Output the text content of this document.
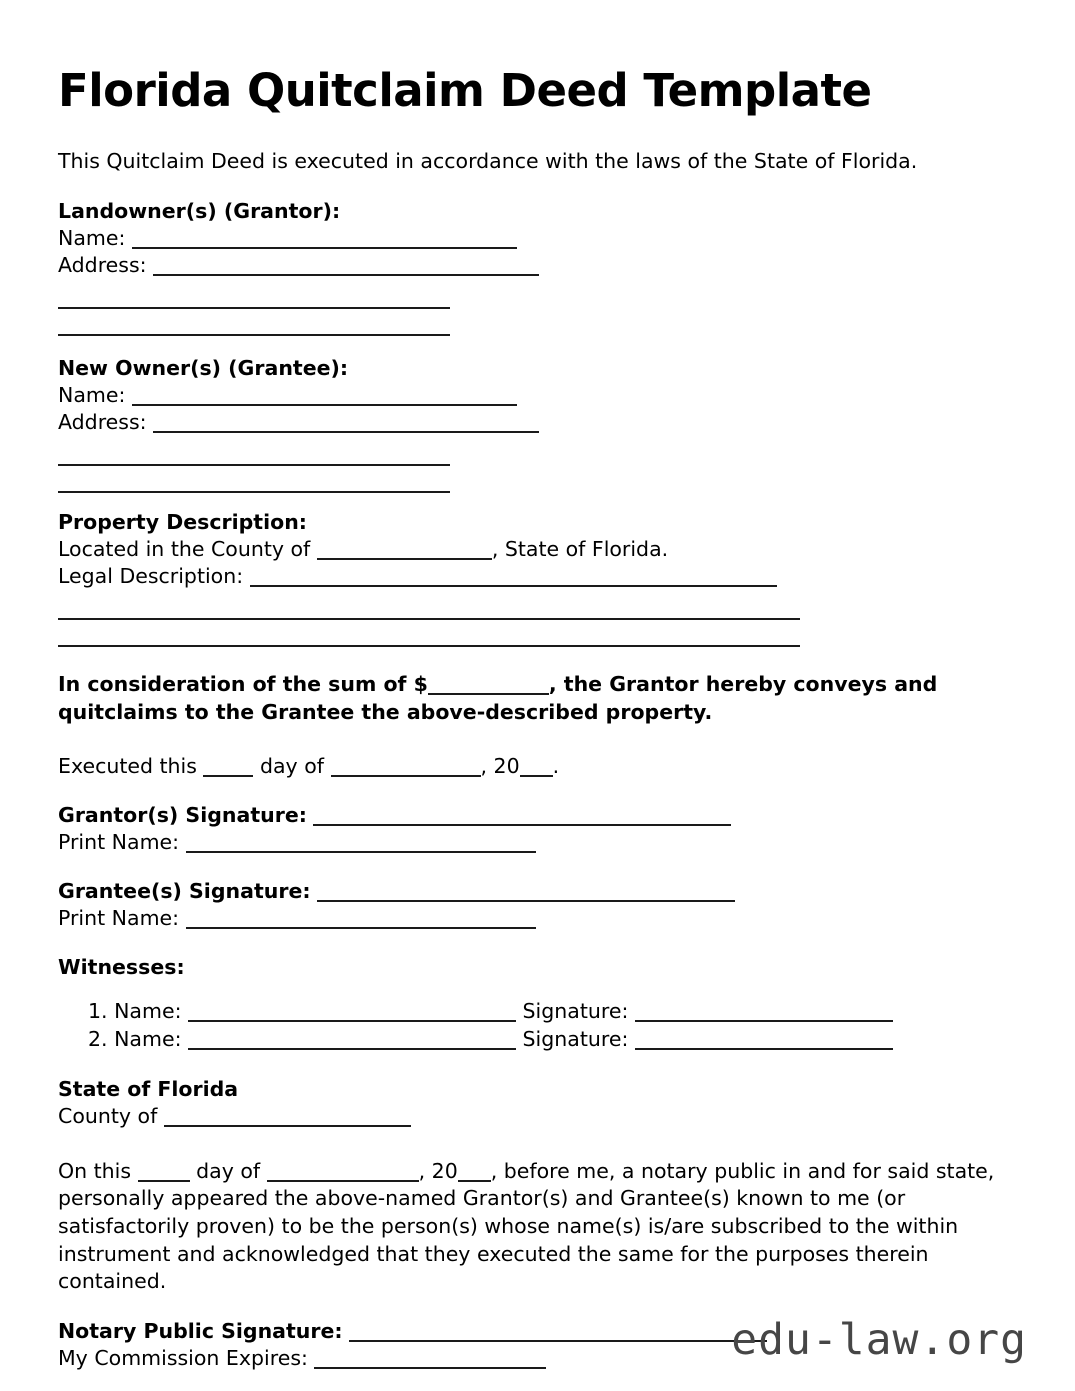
Florida Quitclaim Deed Template

This Quitclaim Deed is executed in accordance with the laws of the State of Florida.

Landowner(s) (Grantor):
Name:
Address:
New Owner(s) (Grantee):
Name:
Address:
Property Description:
Located in the County of	, State of Florida.
Legal Description:
In consideration of the sum of $	, the Grantor hereby conveys and quitclaims to the Grantee the above-described property.
Executed this	day of	, 20 .
Grantor(s) Signature:
Print Name:
Grantee(s) Signature:
Print Name:
Witnesses:
1. Name:	Signature:
2. Name:	Signature:
State of Florida
County of
On this	day of	, 20 , before me, a notary public in and for said state, personally appeared the above-named Grantor(s) and Grantee(s) known to me (or satisfactorily proven) to be the person(s) whose name(s) is/are subscribed to the within instrument and acknowledged that they executed the same for the purposes therein contained.
Notary Public Signature:
My Commission Expires:	edu-law.org
